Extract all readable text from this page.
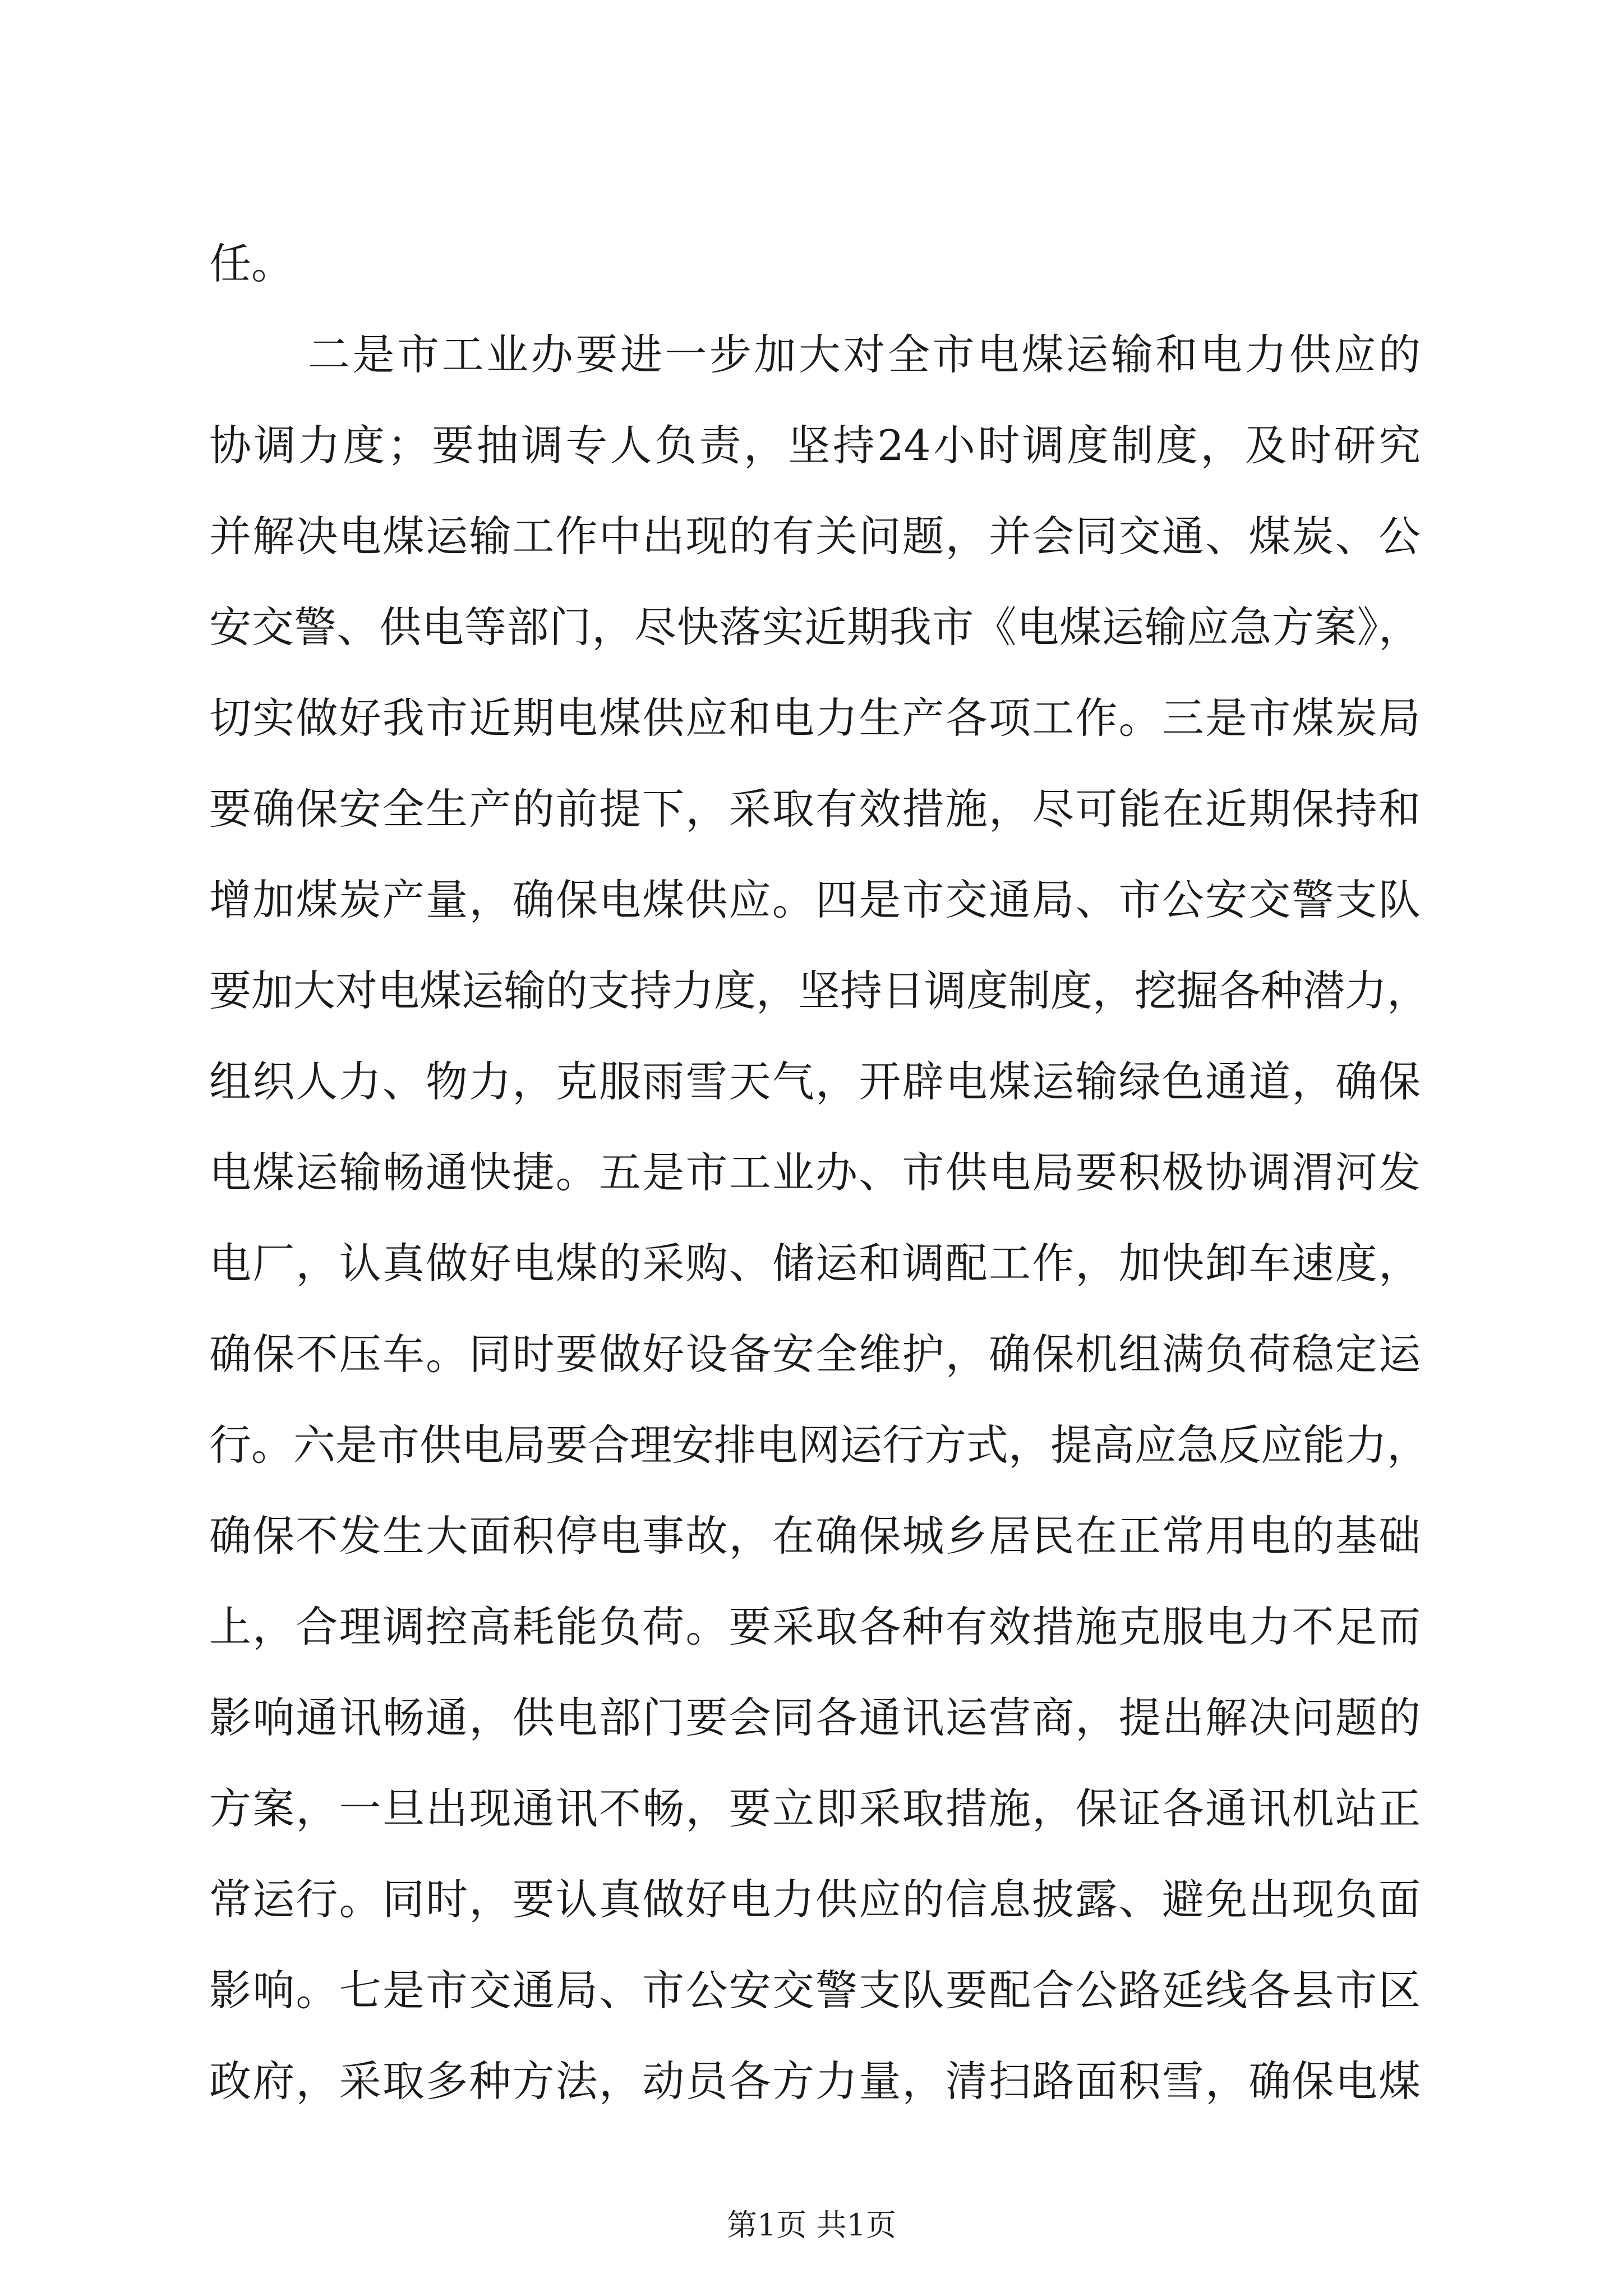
任。
二是市工业办要进一步加大对全市电煤运输和电力供应的
协调力度；要抽调专人负责，坚持24小时调度制度，及时研究
并解决电煤运输工作中出现的有关问题，并会同交通、煤炭、公
安交警、供电等部门，尽快落实近期我市《电煤运输应急方案》，
切实做好我市近期电煤供应和电力生产各项工作。三是市煤炭局
要确保安全生产的前提下，采取有效措施，尽可能在近期保持和
增加煤炭产量，确保电煤供应。四是市交通局、市公安交警支队
要加大对电煤运输的支持力度，坚持日调度制度，挖掘各种潜力，
组织人力、物力，克服雨雪天气，开辟电煤运输绿色通道，确保
电煤运输畅通快捷。五是市工业办、市供电局要积极协调渭河发
电厂，认真做好电煤的采购、储运和调配工作，加快卸车速度，
确保不压车。同时要做好设备安全维护，确保机组满负荷稳定运
行。六是市供电局要合理安排电网运行方式，提高应急反应能力，
确保不发生大面积停电事故，在确保城乡居民在正常用电的基础
上，合理调控高耗能负荷。要采取各种有效措施克服电力不足而
影响通讯畅通，供电部门要会同各通讯运营商，提出解决问题的
方案，一旦出现通讯不畅，要立即采取措施，保证各通讯机站正
常运行。同时，要认真做好电力供应的信息披露、避免出现负面
影响。七是市交通局、市公安交警支队要配合公路延线各县市区
政府，采取多种方法，动员各方力量，清扫路面积雪，确保电煤
第1页 共1页
